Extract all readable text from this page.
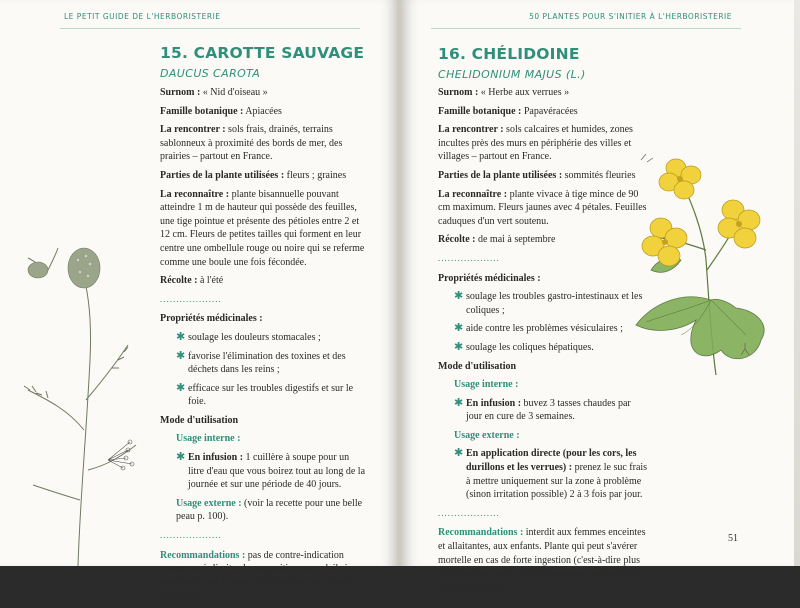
LE PETIT GUIDE DE L'HERBORISTERIE
15. CAROTTE SAUVAGE
DAUCUS CAROTA

Surnom : « Nid d'oiseau »

Famille botanique : Apiacées

La rencontrer : sols frais, drainés, terrains sablonneux à proximité des bords de mer, des prairies – partout en France.

Parties de la plante utilisées : fleurs ; graines

La reconnaître : plante bisannuelle pouvant atteindre 1 m de hauteur qui possède des feuilles, une tige pointue et présente des pétioles entre 2 et 12 cm. Fleurs de petites tailles qui forment en leur centre une ombellule rouge ou noire qui se referme comme une boule une fois fécondée.

Récolte : à l'été

...................

Propriétés médicinales :

✱ soulage les douleurs stomacales ;
✱ favorise l'élimination des toxines et des déchets dans les reins ;
✱ efficace sur les troubles digestifs et sur le foie.

Mode d'utilisation

Usage interne :

✱ En infusion : 1 cuillère à soupe pour un litre d'eau que vous boirez tout au long de la journée et sur une période de 40 jours.

Usage externe : (voir la recette pour une belle peau p. 100).

...................

Recommandations : pas de contre-indication connue mais limitez les expositions au soleil si application sur la peau. Déconseillée aux femmes enceintes.

50 PLANTES POUR S'INITIER À L'HERBORISTERIE
16. CHÉLIDOINE
CHELIDONIUM MAJUS (L.)

Surnom : « Herbe aux verrues »

Famille botanique : Papavéracées

La rencontrer : sols calcaires et humides, zones incultes près des murs en périphérie des villes et villages – partout en France.

Parties de la plante utilisées : sommités fleuries

La reconnaître : plante vivace à tige mince de 90 cm maximum. Fleurs jaunes avec 4 pétales. Feuilles caduques d'un vert soutenu.

Récolte : de mai à septembre

...................

Propriétés médicinales :

✱ soulage les troubles gastro-intestinaux et les coliques ;
✱ aide contre les problèmes vésiculaires ;
✱ soulage les coliques hépatiques.

Mode d'utilisation

Usage interne :

✱ En infusion : buvez 3 tasses chaudes par jour en cure de 3 semaines.

Usage externe :

✱ En application directe (pour les cors, les durillons et les verrues) : prenez le suc frais à mettre uniquement sur la zone à problème (sinon irritation possible) 2 à 3 fois par jour.
...................

Recommandations : interdit aux femmes enceintes et allaitantes, aux enfants. Plante qui peut s'avérer mortelle en cas de forte ingestion (c'est-à-dire plus de 25 mg par jour). Ne la consommez pas non plus en plante fraîche.

51
